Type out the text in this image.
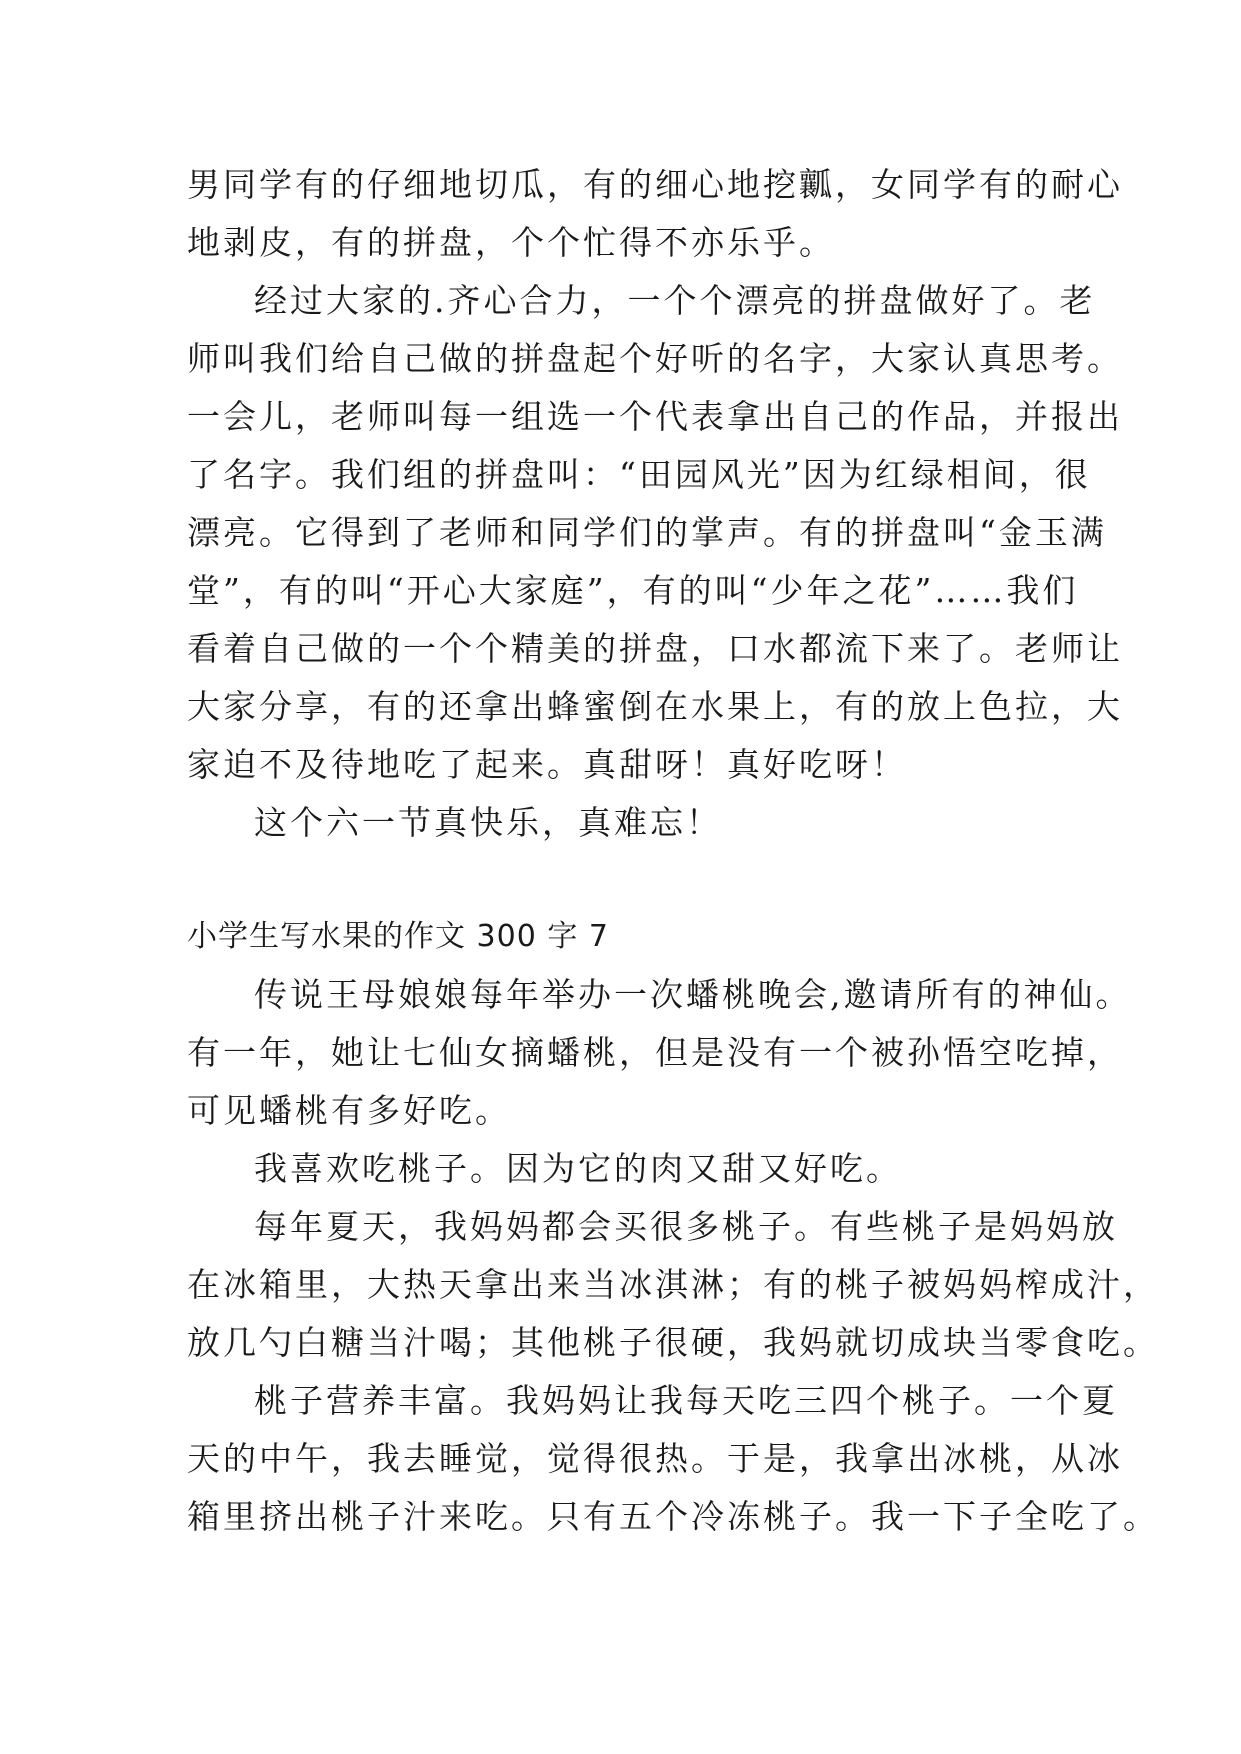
男同学有的仔细地切瓜，有的细心地挖瓤，女同学有的耐心
地剥皮，有的拼盘，个个忙得不亦乐乎。
经过大家的.齐心合力，一个个漂亮的拼盘做好了。老
师叫我们给自己做的拼盘起个好听的名字，大家认真思考。
一会儿，老师叫每一组选一个代表拿出自己的作品，并报出
了名字。我们组的拼盘叫：“田园风光”因为红绿相间，很
漂亮。它得到了老师和同学们的掌声。有的拼盘叫“金玉满
堂”，有的叫“开心大家庭”，有的叫“少年之花”……我们
看着自己做的一个个精美的拼盘，口水都流下来了。老师让
大家分享，有的还拿出蜂蜜倒在水果上，有的放上色拉，大
家迫不及待地吃了起来。真甜呀！真好吃呀！
这个六一节真快乐，真难忘！
小学生写水果的作文 300 字 7
传说王母娘娘每年举办一次蟠桃晚会,邀请所有的神仙。
有一年，她让七仙女摘蟠桃，但是没有一个被孙悟空吃掉，
可见蟠桃有多好吃。
我喜欢吃桃子。因为它的肉又甜又好吃。
每年夏天，我妈妈都会买很多桃子。有些桃子是妈妈放
在冰箱里，大热天拿出来当冰淇淋；有的桃子被妈妈榨成汁，
放几勺白糖当汁喝；其他桃子很硬，我妈就切成块当零食吃。
桃子营养丰富。我妈妈让我每天吃三四个桃子。一个夏
天的中午，我去睡觉，觉得很热。于是，我拿出冰桃，从冰
箱里挤出桃子汁来吃。只有五个冷冻桃子。我一下子全吃了。
